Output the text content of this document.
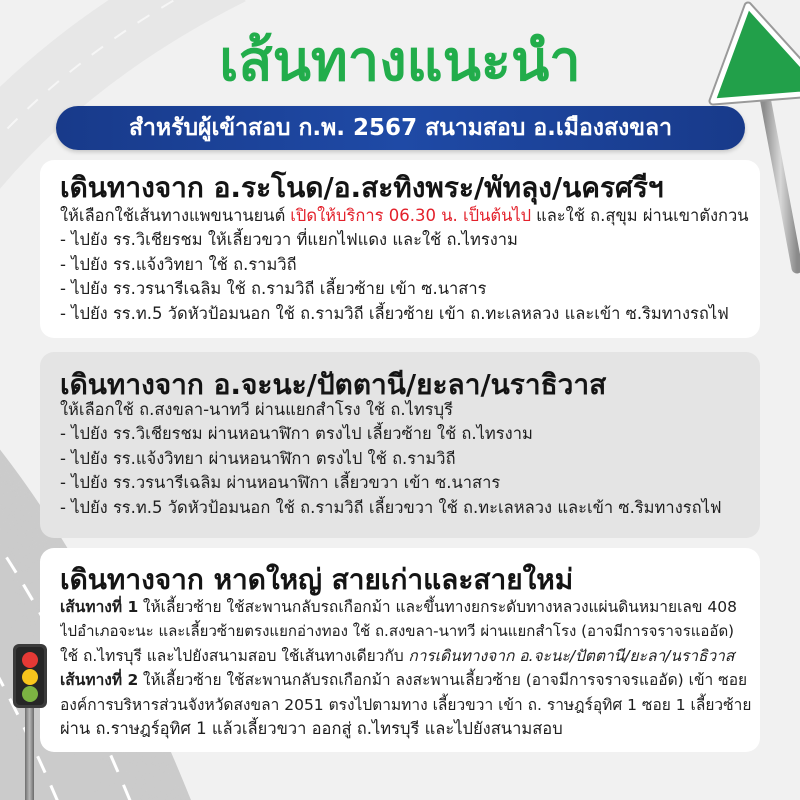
เส้นทางแนะนำ
สำหรับผู้เข้าสอบ ก.พ. 2567 สนามสอบ อ.เมืองสงขลา
เดินทางจาก อ.ระโนด/อ.สะทิงพระ/พัทลุง/นครศรีฯ
ให้เลือกใช้เส้นทางแพขนานยนต์ เปิดให้บริการ 06.30 น. เป็นต้นไป และใช้ ถ.สุขุม ผ่านเขาตังกวน
- ไปยัง รร.วิเชียรชม ให้เลี้ยวขวา ที่แยกไฟแดง และใช้ ถ.ไทรงาม
- ไปยัง รร.แจ้งวิทยา ใช้ ถ.รามวิถี
- ไปยัง รร.วรนารีเฉลิม ใช้ ถ.รามวิถี เลี้ยวซ้าย เข้า ซ.นาสาร
- ไปยัง รร.ท.5 วัดหัวป้อมนอก ใช้ ถ.รามวิถี เลี้ยวซ้าย เข้า ถ.ทะเลหลวง และเข้า ซ.ริมทางรถไฟ
เดินทางจาก อ.จะนะ/ปัตตานี/ยะลา/นราธิวาส
ให้เลือกใช้ ถ.สงขลา-นาทวี ผ่านแยกสำโรง ใช้ ถ.ไทรบุรี
- ไปยัง รร.วิเชียรชม ผ่านหอนาฬิกา ตรงไป เลี้ยวซ้าย ใช้ ถ.ไทรงาม
- ไปยัง รร.แจ้งวิทยา ผ่านหอนาฬิกา ตรงไป ใช้ ถ.รามวิถี
- ไปยัง รร.วรนารีเฉลิม ผ่านหอนาฬิกา เลี้ยวขวา เข้า ซ.นาสาร
- ไปยัง รร.ท.5 วัดหัวป้อมนอก ใช้ ถ.รามวิถี เลี้ยวขวา ใช้ ถ.ทะเลหลวง และเข้า ซ.ริมทางรถไฟ
เดินทางจาก หาดใหญ่ สายเก่าและสายใหม่
เส้นทางที่ 1 ให้เลี้ยวซ้าย ใช้สะพานกลับรถเกือกม้า และขึ้นทางยกระดับทางหลวงแผ่นดินหมายเลข 408
ไปอำเภอจะนะ และเลี้ยวซ้ายตรงแยกอ่างทอง ใช้ ถ.สงขลา-นาทวี ผ่านแยกสำโรง (อาจมีการจราจรแออัด)
ใช้ ถ.ไทรบุรี และไปยังสนามสอบ ใช้เส้นทางเดียวกับ การเดินทางจาก อ.จะนะ/ปัตตานี/ยะลา/นราธิวาส
เส้นทางที่ 2 ให้เลี้ยวซ้าย ใช้สะพานกลับรถเกือกม้า ลงสะพานเลี้ยวซ้าย (อาจมีการจราจรแออัด) เข้า ซอย
องค์การบริหารส่วนจังหวัดสงขลา 2051 ตรงไปตามทาง เลี้ยวขวา เข้า ถ. ราษฎร์อุทิศ 1 ซอย 1 เลี้ยวซ้าย
ผ่าน ถ.ราษฎร์อุทิศ 1 แล้วเลี้ยวขวา ออกสู่ ถ.ไทรบุรี และไปยังสนามสอบ
